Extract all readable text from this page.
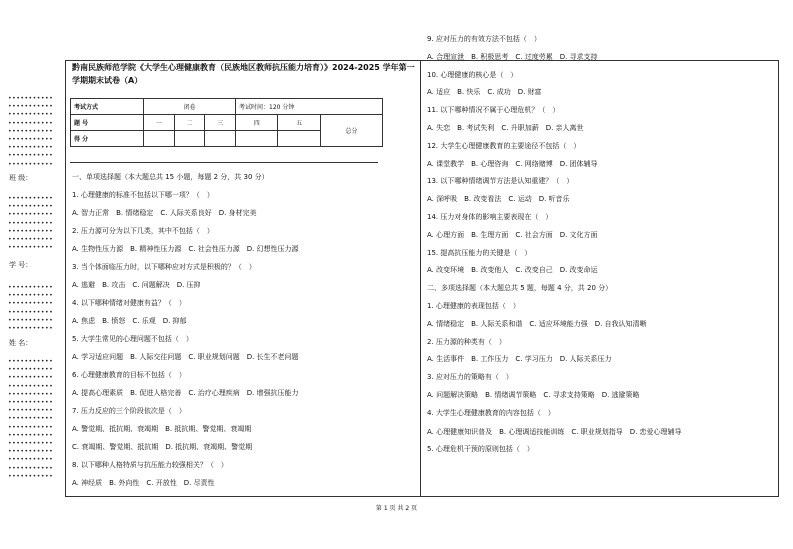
•••••••••••
•••••••••••
•••••••••••
•••••••••••
•••••••••••
•••••••••••
•••••••••••
•••••••••••
•••••••••••
班 级：
•••••••••••
•••••••••••
•••••••••••
•••••••••••
•••••••••••
•••••••••••
•••••••••••
学 号：
•••••••••••
•••••••••••
•••••••••••
•••••••••••
•••••••••••
•••••••••••
姓 名：
•••••••••••
•••••••••••
•••••••••••
•••••••••••
•••••••••••
•••••••••••
•••••••••••
•••••••••••
•••••••••••
•••••••••••
•••••••••••
•••••••••••
•••••••••••
•••••••••••
•••••••••••
黔南民族师范学院《大学生心理健康教育（民族地区教师抗压能力培育）》2024-2025 学年第一学期期末试卷（A）
考试方式	闭卷			考试时间：120 分钟		
题 号	一	二	三	四	五	总分
得 分						
一、单项选择题（本大题总共 15 小题，每题 2 分，共 30 分）
1. 心理健康的标准不包括以下哪一项？（　）
A. 智力正常　B. 情绪稳定　C. 人际关系良好　D. 身材完美
2. 压力源可分为以下几类，其中不包括（　）
A. 生物性压力源　B. 精神性压力源　C. 社会性压力源　D. 幻想性压力源
3. 当个体面临压力时，以下哪种应对方式是积极的？（　）
A. 逃避　B. 攻击　C. 问题解决　D. 压抑
4. 以下哪种情绪对健康有益？（　）
A. 焦虑　B. 愤怒　C. 乐观　D. 抑郁
5. 大学生常见的心理问题不包括（　）
A. 学习适应问题　B. 人际交往问题　C. 职业规划问题　D. 长生不老问题
6. 心理健康教育的目标不包括（　）
A. 提高心理素质　B. 促进人格完善　C. 治疗心理疾病　D. 增强抗压能力
7. 压力反应的三个阶段依次是（　）
A. 警觉期、抵抗期、衰竭期　B. 抵抗期、警觉期、衰竭期
C. 衰竭期、警觉期、抵抗期　D. 抵抗期、衰竭期、警觉期
8. 以下哪种人格特质与抗压能力较强相关？（　）
A. 神经质　B. 外向性　C. 开放性　D. 尽责性
9. 应对压力的有效方法不包括（　）
A. 合理宣泄　B. 积极思考　C. 过度劳累　D. 寻求支持
10. 心理健康的核心是（　）
A. 适应　B. 快乐　C. 成功　D. 财富
11. 以下哪种情况不属于心理危机？（　）
A. 失恋　B. 考试失利　C. 升职加薪　D. 亲人离世
12. 大学生心理健康教育的主要途径不包括（　）
A. 课堂教学　B. 心理咨询　C. 网络赌博　D. 团体辅导
13. 以下哪种情绪调节方法是认知重建？（　）
A. 深呼吸　B. 改变看法　C. 运动　D. 听音乐
14. 压力对身体的影响主要表现在（　）
A. 心理方面　B. 生理方面　C. 社会方面　D. 文化方面
15. 提高抗压能力的关键是（　）
A. 改变环境　B. 改变他人　C. 改变自己　D. 改变命运
二、多项选择题（本大题总共 5 题，每题 4 分，共 20 分）
1. 心理健康的表现包括（　）
A. 情绪稳定　B. 人际关系和谐　C. 适应环境能力强　D. 自我认知清晰
2. 压力源的种类有（　）
A. 生活事件　B. 工作压力　C. 学习压力　D. 人际关系压力
3. 应对压力的策略有（　）
A. 问题解决策略　B. 情绪调节策略　C. 寻求支持策略　D. 逃避策略
4. 大学生心理健康教育的内容包括（　）
A. 心理健康知识普及　B. 心理调适技能训练　C. 职业规划指导　D. 恋爱心理辅导
5. 心理危机干预的原则包括（　）
第 1 页 共 2 页
